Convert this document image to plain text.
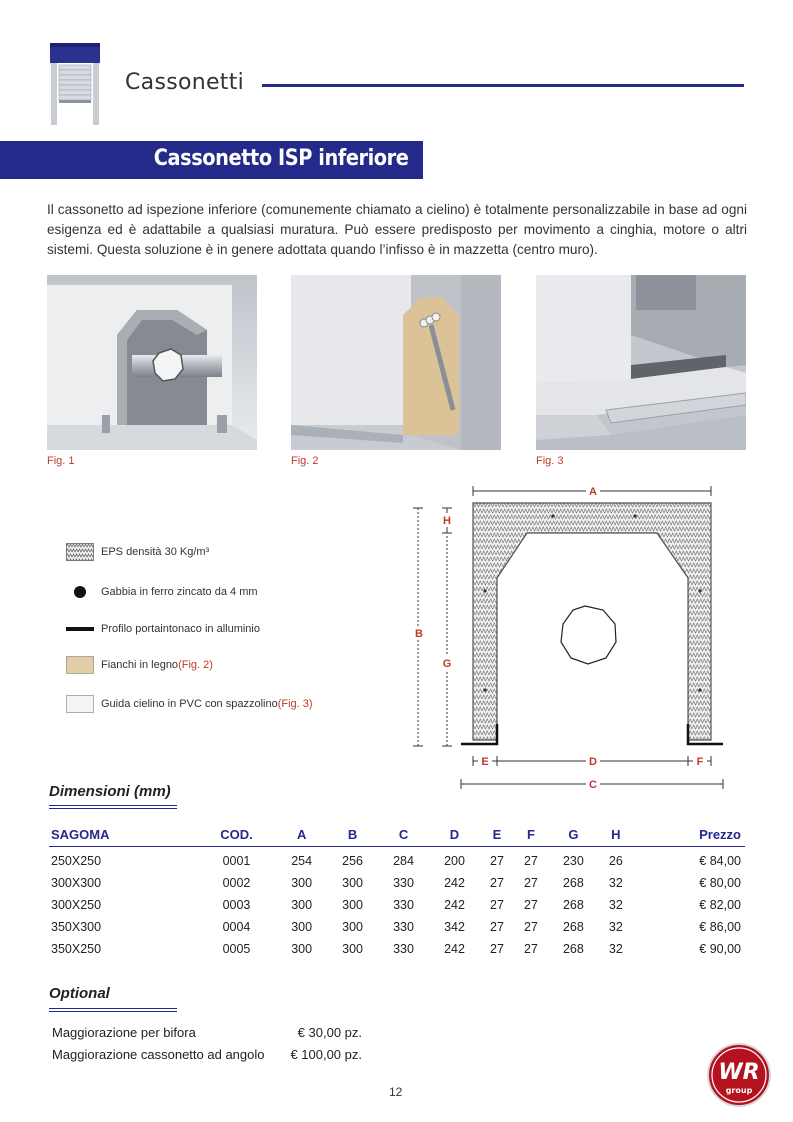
Cassonetti
Cassonetto ISP inferiore

Il cassonetto ad ispezione inferiore (comunemente chiamato a cielino) è totalmente personalizzabile in base ad ogni esigenza ed è adattabile a qualsiasi muratura. Può essere predisposto per movimento a cinghia, motore o altri sistemi. Questa soluzione è in genere adottata quando l’infisso è in mazzetta (centro muro).

Fig. 1	Fig. 2	Fig. 3
EPS densità 30 Kg/m³
Gabbia in ferro zincato da 4 mm
Profilo portaintonaco in alluminio
Fianchi in legno (Fig. 2)
Guida cielino in PVC con spazzolino (Fig. 3)
A
B
H
G
E	D	F
C
Dimensioni (mm)
SAGOMA	COD.	A	B	C	D	E	F	G	H	Prezzo

250X250	0001	254	256	284	200	27	27	230	26	€ 84,00
300X300	0002	300	300	330	242	27	27	268	32	€ 80,00
300X250	0003	300	300	330	242	27	27	268	32	€ 82,00
350X300	0004	300	300	330	342	27	27	268	32	€ 86,00
350X250	0005	300	300	330	242	27	27	268	32	€ 90,00
Optional
Maggiorazione per bifora	€ 30,00 pz.
Maggiorazione cassonetto ad angolo	€ 100,00 pz.
12
WR
group
